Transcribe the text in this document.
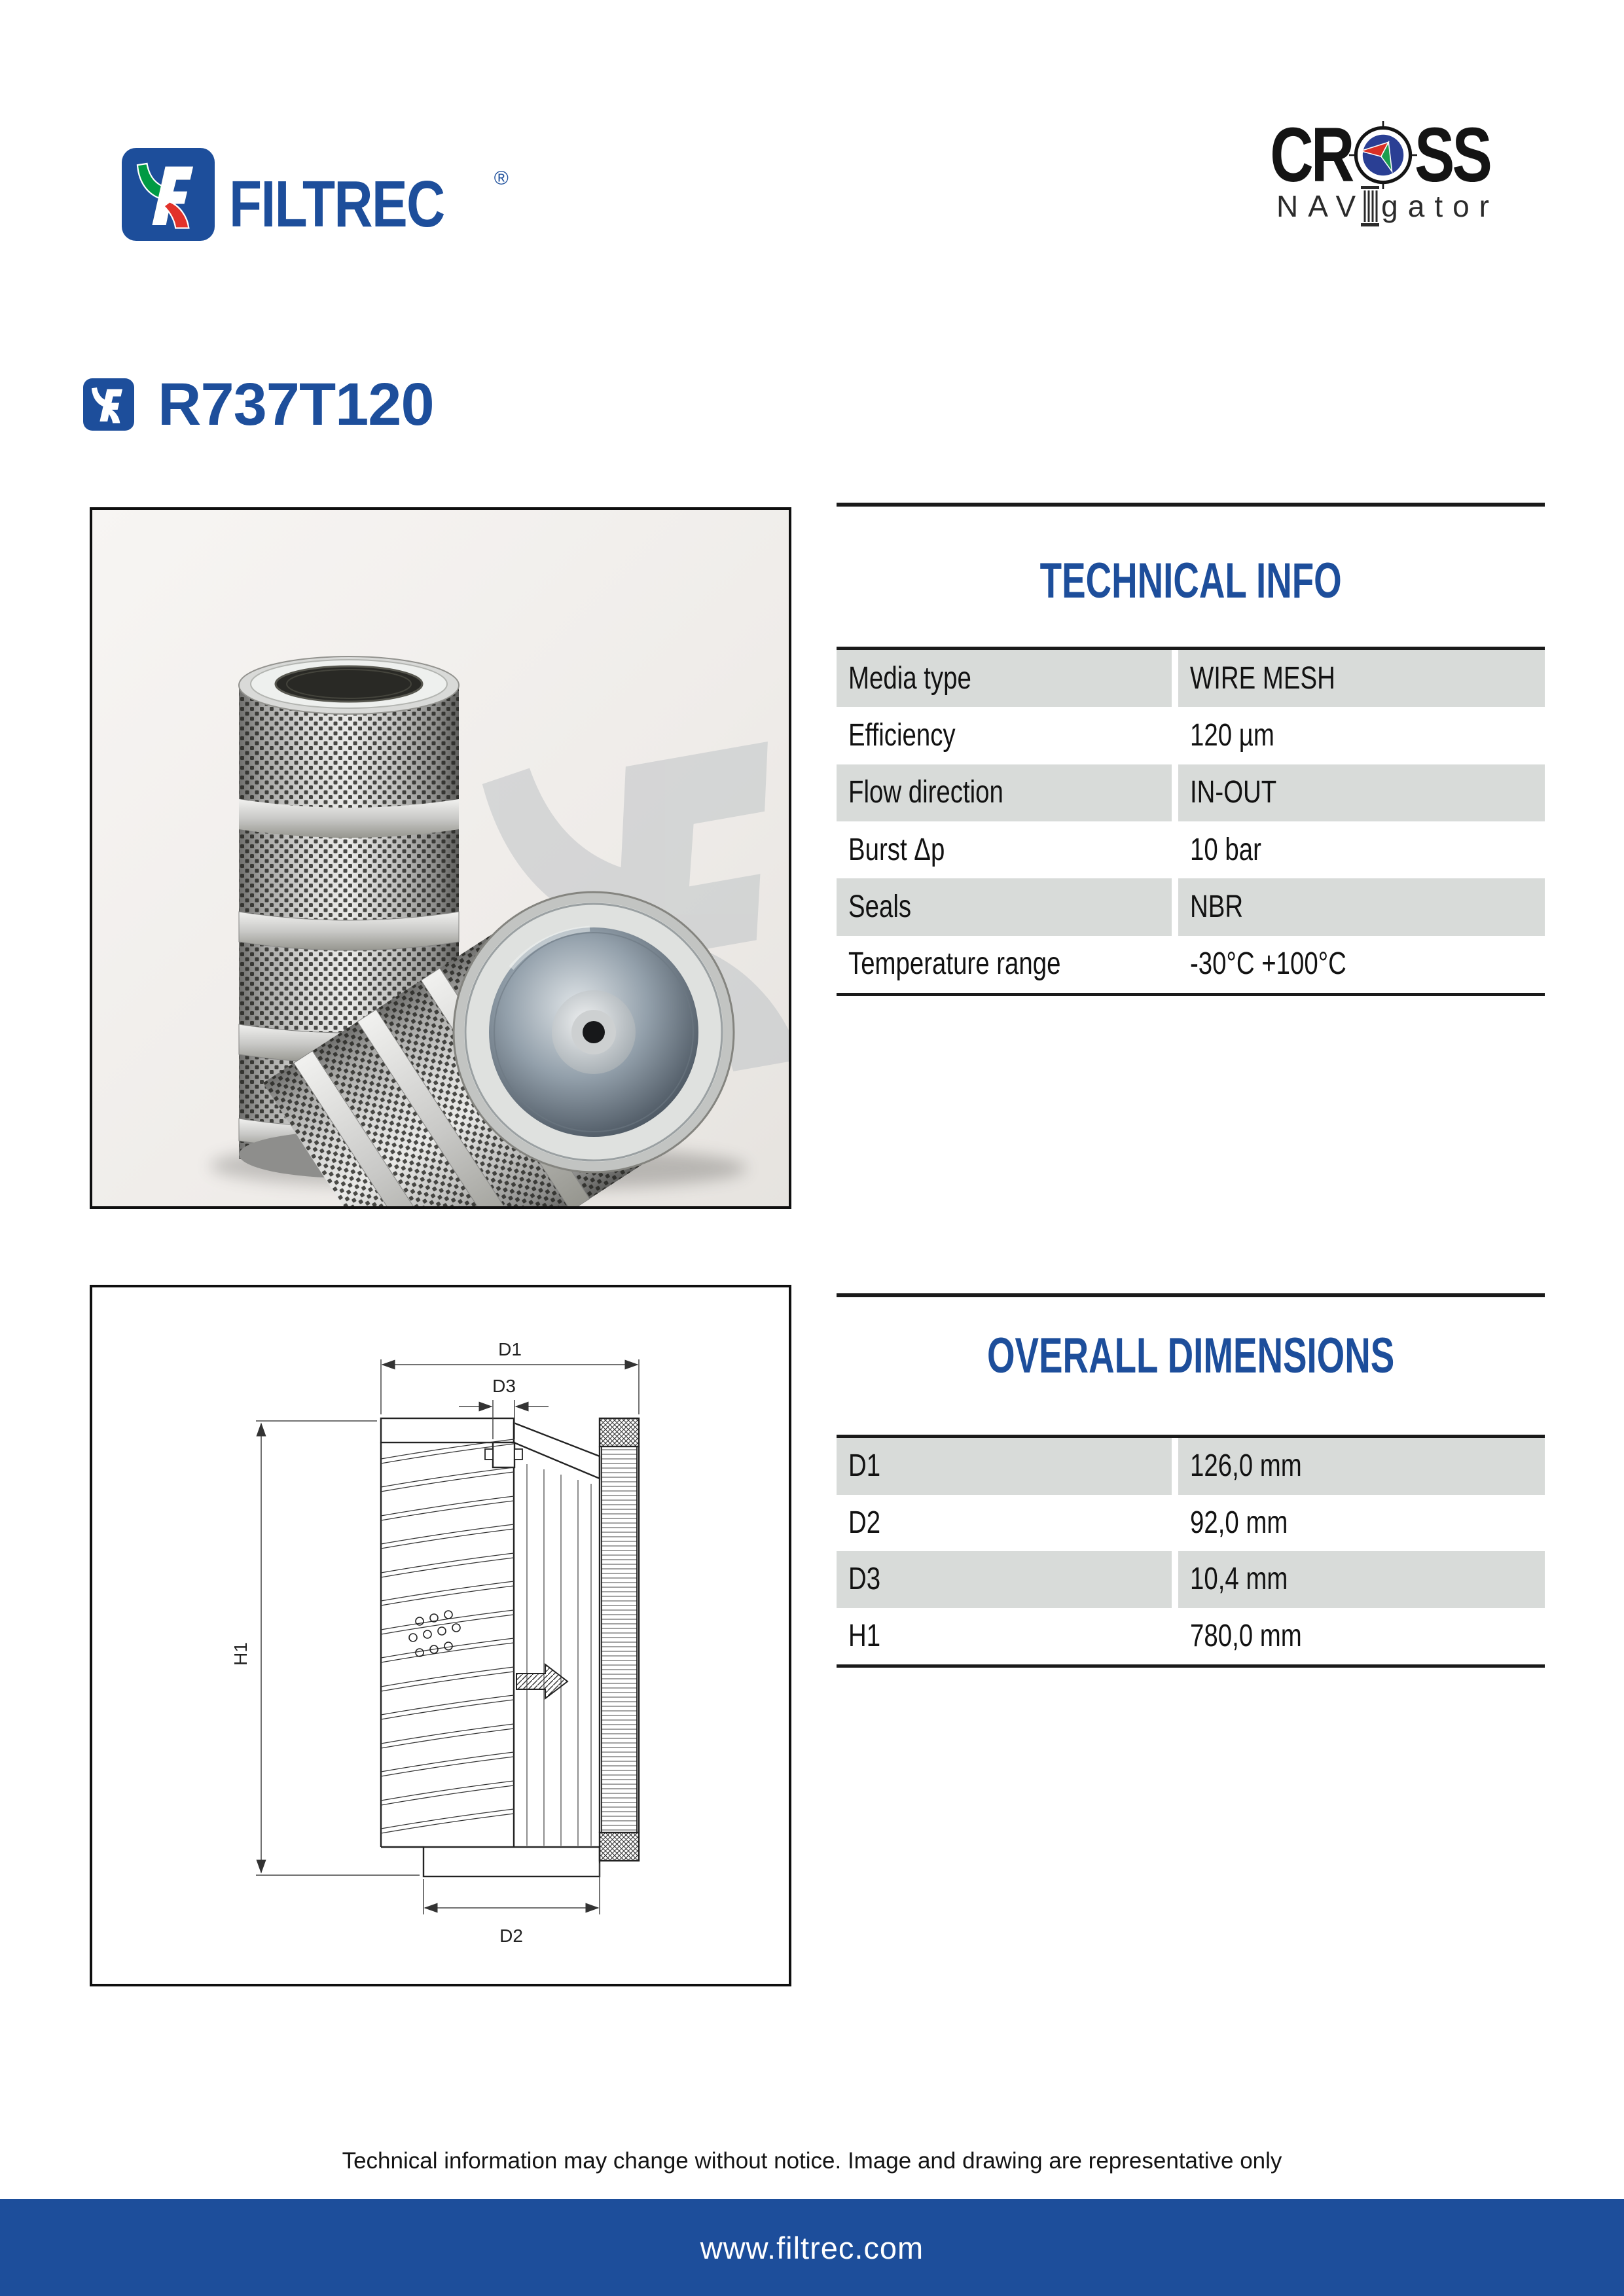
FILTREC	®	CR SS
NAV gator
R737T120
TECHNICAL INFO
Media type	WIRE MESH
Efficiency	120 µm
Flow direction	IN-OUT
Burst Δp	10 bar
Seals	NBR
Temperature range	-30°C +100°C
D1
D3
H1
D2
OVERALL DIMENSIONS
D1	126,0 mm
D2	92,0 mm
D3	10,4 mm
H1	780,0 mm
Technical information may change without notice. Image and drawing are representative only
www.filtrec.com
